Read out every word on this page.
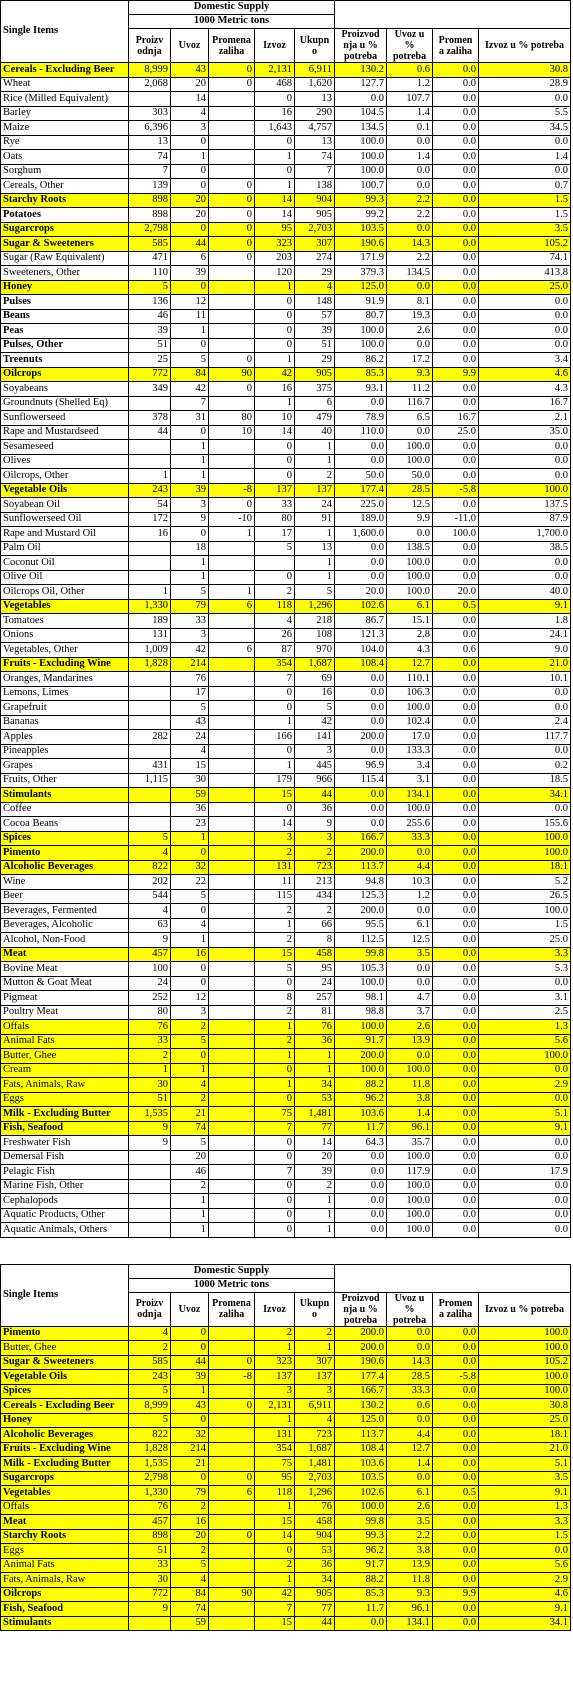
Single Items	Domestic Supply								
	1000 Metric tons								
	Proizv odnja	Uvoz	Promena zaliha	Izvoz	Ukupn o	Proizvod nja u % potreba	Uvoz u % potreba	Promen a zaliha	Izvoz u % potreba
Cereals - Excluding Beer	8,999	43	0	2,131	6,911	130.2	0.6	0.0	30.8
Wheat	2,068	20	0	468	1,620	127.7	1.2	0.0	28.9
Rice (Milled Equivalent)		14		0	13	0.0	107.7	0.0	0.0
Barley	303	4		16	290	104.5	1.4	0.0	5.5
Maize	6,396	3		1,643	4,757	134.5	0.1	0.0	34.5
Rye	13	0		0	13	100.0	0.0	0.0	0.0
Oats	74	1		1	74	100.0	1.4	0.0	1.4
Sorghum	7	0		0	7	100.0	0.0	0.0	0.0
Cereals, Other	139	0	0	1	138	100.7	0.0	0.0	0.7
Starchy Roots	898	20	0	14	904	99.3	2.2	0.0	1.5
Potatoes	898	20	0	14	905	99.2	2.2	0.0	1.5
Sugarcrops	2,798	0	0	95	2,703	103.5	0.0	0.0	3.5
Sugar & Sweeteners	585	44	0	323	307	190.6	14.3	0.0	105.2
Sugar (Raw Equivalent)	471	6	0	203	274	171.9	2.2	0.0	74.1
Sweeteners, Other	110	39		120	29	379.3	134.5	0.0	413.8
Honey	5	0		1	4	125.0	0.0	0.0	25.0
Pulses	136	12		0	148	91.9	8.1	0.0	0.0
Beans	46	11		0	57	80.7	19.3	0.0	0.0
Peas	39	1		0	39	100.0	2.6	0.0	0.0
Pulses, Other	51	0		0	51	100.0	0.0	0.0	0.0
Treenuts	25	5	0	1	29	86.2	17.2	0.0	3.4
Oilcrops	772	84	90	42	905	85.3	9.3	9.9	4.6
Soyabeans	349	42	0	16	375	93.1	11.2	0.0	4.3
Groundnuts (Shelled Eq)		7		1	6	0.0	116.7	0.0	16.7
Sunflowerseed	378	31	80	10	479	78.9	6.5	16.7	2.1
Rape and Mustardseed	44	0	10	14	40	110.0	0.0	25.0	35.0
Sesameseed		1		0	1	0.0	100.0	0.0	0.0
Olives		1		0	1	0.0	100.0	0.0	0.0
Oilcrops, Other	1	1		0	2	50.0	50.0	0.0	0.0
Vegetable Oils	243	39	-8	137	137	177.4	28.5	-5.8	100.0
Soyabean Oil	54	3	0	33	24	225.0	12.5	0.0	137.5
Sunflowerseed Oil	172	9	-10	80	91	189.0	9.9	-11.0	87.9
Rape and Mustard Oil	16	0	1	17	1	1,600.0	0.0	100.0	1,700.0
Palm Oil		18		5	13	0.0	138.5	0.0	38.5
Coconut Oil		1			1	0.0	100.0	0.0	0.0
Olive Oil		1		0	1	0.0	100.0	0.0	0.0
Oilcrops Oil, Other	1	5	1	2	5	20.0	100.0	20.0	40.0
Vegetables	1,330	79	6	118	1,296	102.6	6.1	0.5	9.1
Tomatoes	189	33		4	218	86.7	15.1	0.0	1.8
Onions	131	3		26	108	121.3	2.8	0.0	24.1
Vegetables, Other	1,009	42	6	87	970	104.0	4.3	0.6	9.0
Fruits - Excluding Wine	1,828	214		354	1,687	108.4	12.7	0.0	21.0
Oranges, Mandarines		76		7	69	0.0	110.1	0.0	10.1
Lemons, Limes		17		0	16	0.0	106.3	0.0	0.0
Grapefruit		5		0	5	0.0	100.0	0.0	0.0
Bananas		43		1	42	0.0	102.4	0.0	2.4
Apples	282	24		166	141	200.0	17.0	0.0	117.7
Pineapples		4		0	3	0.0	133.3	0.0	0.0
Grapes	431	15		1	445	96.9	3.4	0.0	0.2
Fruits, Other	1,115	30		179	966	115.4	3.1	0.0	18.5
Stimulants		59		15	44	0.0	134.1	0.0	34.1
Coffee		36		0	36	0.0	100.0	0.0	0.0
Cocoa Beans		23		14	9	0.0	255.6	0.0	155.6
Spices	5	1		3	3	166.7	33.3	0.0	100.0
Pimento	4	0		2	2	200.0	0.0	0.0	100.0
Alcoholic Beverages	822	32		131	723	113.7	4.4	0.0	18.1
Wine	202	22		11	213	94.8	10.3	0.0	5.2
Beer	544	5		115	434	125.3	1.2	0.0	26.5
Beverages, Fermented	4	0		2	2	200.0	0.0	0.0	100.0
Beverages, Alcoholic	63	4		1	66	95.5	6.1	0.0	1.5
Alcohol, Non-Food	9	1		2	8	112.5	12.5	0.0	25.0
Meat	457	16		15	458	99.8	3.5	0.0	3.3
Bovine Meat	100	0		5	95	105.3	0.0	0.0	5.3
Mutton & Goat Meat	24	0		0	24	100.0	0.0	0.0	0.0
Pigmeat	252	12		8	257	98.1	4.7	0.0	3.1
Poultry Meat	80	3		2	81	98.8	3.7	0.0	2.5
Offals	76	2		1	76	100.0	2.6	0.0	1.3
Animal Fats	33	5		2	36	91.7	13.9	0.0	5.6
Butter, Ghee	2	0		1	1	200.0	0.0	0.0	100.0
Cream	1	1		0	1	100.0	100.0	0.0	0.0
Fats, Animals, Raw	30	4		1	34	88.2	11.8	0.0	2.9
Eggs	51	2		0	53	96.2	3.8	0.0	0.0
Milk - Excluding Butter	1,535	21		75	1,481	103.6	1.4	0.0	5.1
Fish, Seafood	9	74		7	77	11.7	96.1	0.0	9.1
Freshwater Fish	9	5		0	14	64.3	35.7	0.0	0.0
Demersal Fish		20		0	20	0.0	100.0	0.0	0.0
Pelagic Fish		46		7	39	0.0	117.9	0.0	17.9
Marine Fish, Other		2		0	2	0.0	100.0	0.0	0.0
Cephalopods		1		0	1	0.0	100.0	0.0	0.0
Aquatic Products, Other		1		0	1	0.0	100.0	0.0	0.0
Aquatic Animals, Others		1		0	1	0.0	100.0	0.0	0.0
Single Items	Domestic Supply								
	1000 Metric tons								
	Proizv odnja	Uvoz	Promena zaliha	Izvoz	Ukupn o	Proizvod nja u % potreba	Uvoz u % potreba	Promen a zaliha	Izvoz u % potreba
Pimento	4	0		2	2	200.0	0.0	0.0	100.0
Butter, Ghee	2	0		1	1	200.0	0.0	0.0	100.0
Sugar & Sweeteners	585	44	0	323	307	190.6	14.3	0.0	105.2
Vegetable Oils	243	39	-8	137	137	177.4	28.5	-5.8	100.0
Spices	5	1		3	3	166.7	33.3	0.0	100.0
Cereals - Excluding Beer	8,999	43	0	2,131	6,911	130.2	0.6	0.0	30.8
Honey	5	0		1	4	125.0	0.0	0.0	25.0
Alcoholic Beverages	822	32		131	723	113.7	4.4	0.0	18.1
Fruits - Excluding Wine	1,828	214		354	1,687	108.4	12.7	0.0	21.0
Milk - Excluding Butter	1,535	21		75	1,481	103.6	1.4	0.0	5.1
Sugarcrops	2,798	0	0	95	2,703	103.5	0.0	0.0	3.5
Vegetables	1,330	79	6	118	1,296	102.6	6.1	0.5	9.1
Offals	76	2		1	76	100.0	2.6	0.0	1.3
Meat	457	16		15	458	99.8	3.5	0.0	3.3
Starchy Roots	898	20	0	14	904	99.3	2.2	0.0	1.5
Eggs	51	2		0	53	96.2	3.8	0.0	0.0
Animal Fats	33	5		2	36	91.7	13.9	0.0	5.6
Fats, Animals, Raw	30	4		1	34	88.2	11.8	0.0	2.9
Oilcrops	772	84	90	42	905	85.3	9.3	9.9	4.6
Fish, Seafood	9	74		7	77	11.7	96.1	0.0	9.1
Stimulants		59		15	44	0.0	134.1	0.0	34.1
